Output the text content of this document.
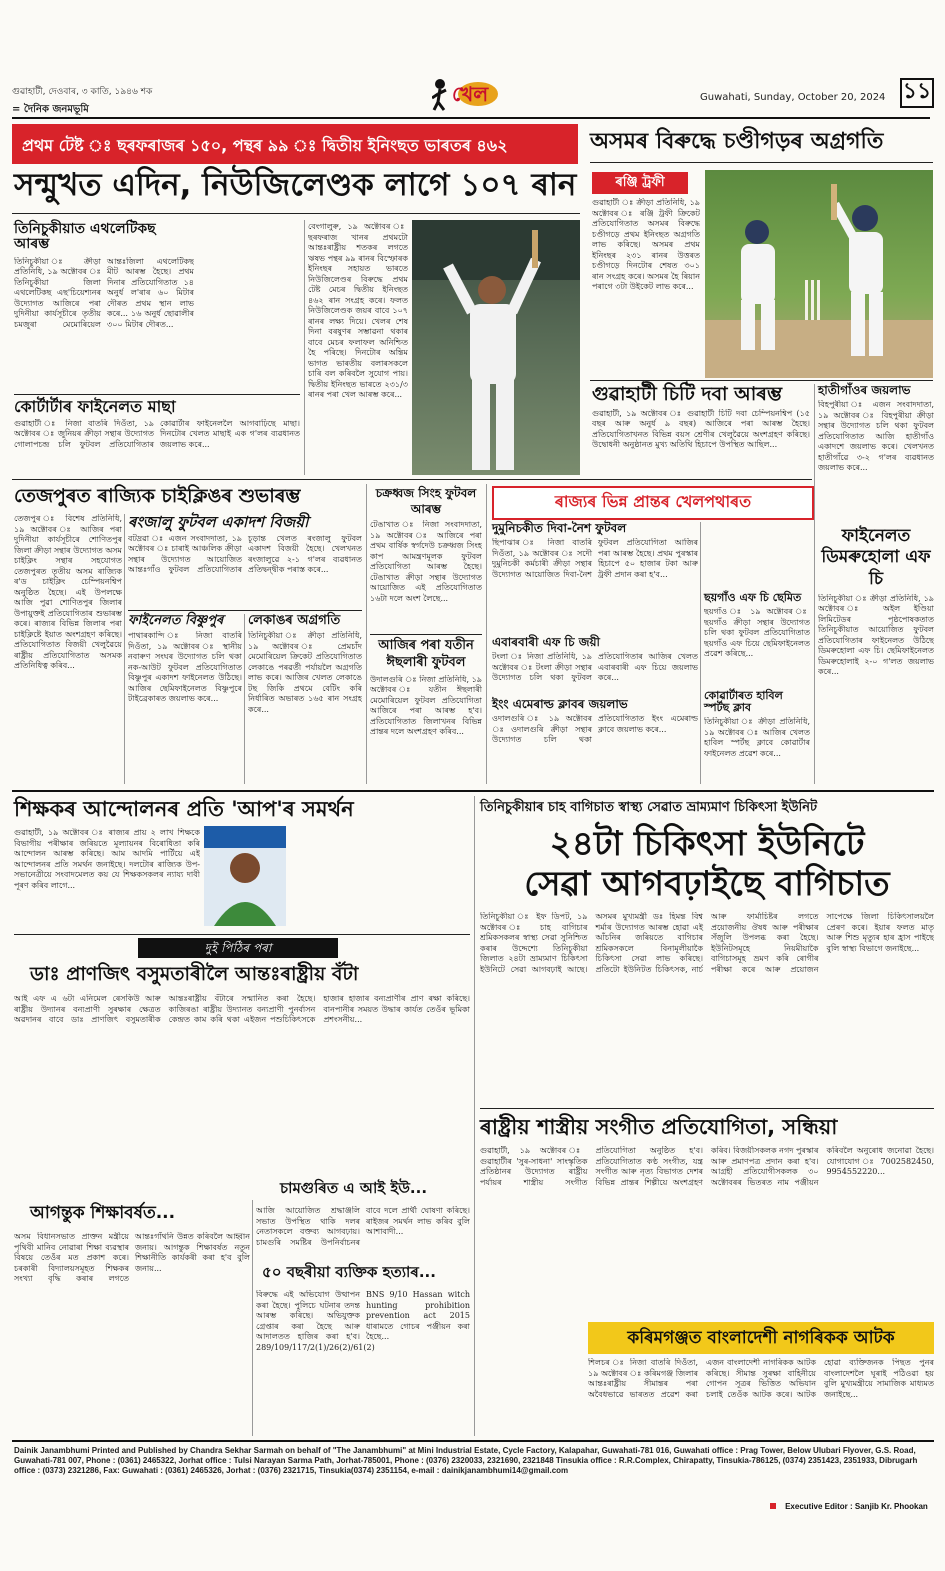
গুৱাহাটী, দেওবাৰ, ৩ কাতি, ১৯৪৬ শক
= দৈনিক জনমভূমি
খেল	Guwahati, Sunday, October 20, 2024 ১১
প্ৰথম টেষ্ট ঃ ছৰফৰাজৰ ১৫০, পন্থৰ ৯৯ ঃ দ্বিতীয় ইনিংছত ভাৰতৰ ৪৬২	অসমৰ বিৰুদ্ধে চণ্ডীগড়ৰ অগ্ৰগতি
সন্মুখত এদিন, নিউজিলেণ্ডক লাগে ১০৭ ৰান
তিনিচুকীয়াত এথলেটিকছ আৰম্ভ
তিনিচুকীয়া ঃ ক্ৰীড়া প্ৰতিনিধি, ১৯ অক্টোবৰ ঃ তিনিচুকীয়া জিলা এথলেটিকছ এছ'চিয়েশ্যনৰ উদ্যোগত আজিৰে পৰা দুদিনীয়া কাৰ্যসূচীৰে তৃতীয় চমজুৰা মেমোৰিয়েল আন্তঃজিলা এথলেটিকছ মীট আৰম্ভ হৈছে। প্ৰথম দিনাৰ প্ৰতিযোগিতাত ১৪ অনুৰ্ধ ল'ৰাৰ ৬০ মিটাৰ দৌৰত প্ৰথম স্থান লাভ কৰে... ১৬ অনুৰ্ধ ছোৱালীৰ ৩০০ মিটাৰ দৌৰত...
কোৰ্টাৰ্টাৰ ফাইনেলত মাছা
গুৱাহাটী ঃ নিজা বাতৰি দিওঁতা, ১৯ অক্টোবৰ ঃ জুনিয়ৰ ক্ৰীড়া সন্থাৰ উদ্যোগত গোলাপচন্দ্ৰ চলি ফুটবল প্ৰতিযোগিতাৰ কোৱাৰ্টাৰ ফাইনেললৈ আগবাঢ়িছে মাছা। দিনটোৰ খেলত মাছাই এক গ'লৰ ব্যৱধানত জয়লাভ কৰে...
বেংগালুৰু, ১৯ অক্টোবৰ ঃ ছৰফৰাজ খানৰ প্ৰথমটো আন্তঃৰাষ্ট্ৰীয় শতকৰ লগতে ঋষভ পন্থৰ ৯৯ ৰানৰ বিস্ফোৰক ইনিংছৰ সহায়ত ভাৰতে নিউজিলেণ্ডৰ বিৰুদ্ধে প্ৰথম টেষ্ট মেচৰ দ্বিতীয় ইনিংছত ৪৬২ ৰান সংগ্ৰহ কৰে। ফলত নিউজিলেণ্ডক জয়ৰ বাবে ১০৭ ৰানৰ লক্ষ্য দিয়ে। খেলৰ শেষ দিনা বৰষুণৰ সম্ভাৱনা থকাৰ বাবে মেচৰ ফলাফল অনিশ্চিত হৈ পৰিছে। দিনটোৰ অন্তিম ভাগত ভাৰতীয় বলাৰসকলে চাৰি বল কৰিবলৈ সুযোগ পায়। দ্বিতীয় ইনিংছত ভাৰতে ২৩১/৩ ৰানৰ পৰা খেল আৰম্ভ কৰে...
ৰঞ্জি ট্ৰফী
গুৱাহাটী ঃ ক্ৰীড়া প্ৰতিনিধি, ১৯ অক্টোবৰ ঃ ৰঞ্জি ট্ৰফী ক্ৰিকেট প্ৰতিযোগিতাত অসমৰ বিৰুদ্ধে চণ্ডীগড়ে প্ৰথম ইনিংছত অগ্ৰগতি লাভ কৰিছে। অসমৰ প্ৰথম ইনিংছৰ ২৩১ ৰানৰ উত্তৰত চণ্ডীগড়ে দিনটোৰ শেষত ৩০১ ৰান সংগ্ৰহ কৰে। অসমৰ হৈ ৰিয়ান পৰাগে ৩টা উইকেট লাভ কৰে...
গুৱাহাটী চিটি দবা আৰম্ভ
গুৱাহাটী, ১৯ অক্টোবৰ ঃ গুৱাহাটী চিটি দবা চেম্পিয়নশ্বিপ (১৫ বছৰ আৰু অনুৰ্ধ ৯ বছৰ) আজিৰে পৰা আৰম্ভ হৈছে। প্ৰতিযোগিতাখনত বিভিন্ন বয়স শ্ৰেণীৰ খেলুৱৈয়ে অংশগ্ৰহণ কৰিছে। উদ্বোধনী অনুষ্ঠানত মুখ্য অতিথি হিচাপে উপস্থিত আছিল...
হাতীগাঁওৰ জয়লাভ
বিহপুৰীয়া ঃ এজন সংবাদদাতা, ১৯ অক্টোবৰ ঃ বিহপুৰীয়া ক্ৰীড়া সন্থাৰ উদ্যোগত চলি থকা ফুটবল প্ৰতিযোগিতাত আজি হাতীগাঁও একাদশে জয়লাভ কৰে। খেলখনত হাতীগাঁৱে ৩-২ গ'লৰ ব্যৱধানত জয়লাভ কৰে...
ফাইনেলত ডিমৰুহোলা এফ চি
তিনিচুকীয়া ঃ ক্ৰীড়া প্ৰতিনিধি, ১৯ অক্টোবৰ ঃ অইল ইণ্ডিয়া লিমিটেডৰ পৃষ্ঠপোষকতাত তিনিচুকীয়াত আয়োজিত ফুটবল প্ৰতিযোগিতাৰ ফাইনেলত উঠিছে ডিমৰুহোলা এফ চি। ছেমিফাইনেলত ডিমৰুহোলাই ২-০ গ'লত জয়লাভ কৰে...
তেজপুৰত ৰাজ্যিক চাইক্লিঙৰ শুভাৰম্ভ
তেজপুৰ ঃ বিশেষ প্ৰতিনিধি, ১৯ অক্টোবৰ ঃ আজিৰ পৰা দুদিনীয়া কাৰ্যসূচীৰে শোণিতপুৰ জিলা ক্ৰীড়া সন্থাৰ উদ্যোগত অসম চাইক্লিং সন্থাৰ সহযোগত তেজপুৰত তৃতীয় অসম ৰাজ্যিক ৰ'ড চাইক্লিং চেম্পিয়নশ্বিপ অনুষ্ঠিত হৈছে। এই উপলক্ষে আজি পুৱা শোণিতপুৰ জিলাৰ উপায়ুক্তই প্ৰতিযোগিতাৰ শুভাৰম্ভ কৰে। ৰাজ্যৰ বিভিন্ন জিলাৰ পৰা চাইক্লিষ্টে ইয়াত অংশগ্ৰহণ কৰিছে। প্ৰতিযোগিতাত বিজয়ী খেলুৱৈয়ে ৰাষ্ট্ৰীয় প্ৰতিযোগিতাত অসমক প্ৰতিনিধিত্ব কৰিব...
ৰংজালু ফুটবল একাদশ বিজয়ী
বটদ্ৰৱা ঃ এজন সংবাদদাতা, ১৯ অক্টোবৰ ঃ চাৰাই আঞ্চলিক ক্ৰীড়া সন্থাৰ উদ্যোগত আয়োজিত আন্তঃগাঁও ফুটবল প্ৰতিযোগিতাৰ চূড়ান্ত খেলত ৰংজালু ফুটবল একাদশ বিজয়ী হৈছে। খেলখনত ৰংজালুৱে ২-১ গ'লৰ ব্যৱধানত প্ৰতিদ্বন্দ্বীক পৰাস্ত কৰে...
ফাইনেলত বিষ্ণুপুৰ
পাথাৰকান্দি ঃ নিজা বাতৰি দিওঁতা, ১৯ অক্টোবৰ ঃ স্থানীয় নবাৰুণ সংঘৰ উদ্যোগত চলি থকা নক-আউট ফুটবল প্ৰতিযোগিতাত বিষ্ণুপুৰ একাদশ ফাইনেলত উঠিছে। আজিৰ ছেমিফাইনেলত বিষ্ণুপুৰে টাইব্ৰেকাৰত জয়লাভ কৰে...
লেকাঙৰ অগ্ৰগতি
তিনিচুকীয়া ঃ ক্ৰীড়া প্ৰতিনিধি, ১৯ অক্টোবৰ ঃ প্ৰেমচাঁদ মেমোৰিয়েল ক্ৰিকেট প্ৰতিযোগিতাত লেকাঙে পৰৱৰ্তী পৰ্যায়লৈ অগ্ৰগতি লাভ কৰে। আজিৰ খেলত লেকাঙে টছ জিকি প্ৰথমে বেটিং কৰি নিৰ্ধাৰিত অভাৰত ১৬৫ ৰান সংগ্ৰহ কৰে...
চক্ৰধ্বজ সিংহ ফুটবল আৰম্ভ
টেঙাখাত ঃ নিজা সংবাদদাতা, ১৯ অক্টোবৰ ঃ আজিৰে পৰা প্ৰথম বাৰ্ষিক স্বৰ্গদেউ চক্ৰধ্বজ সিংহ কাপ আমন্ত্ৰণমূলক ফুটবল প্ৰতিযোগিতা আৰম্ভ হৈছে। টেঙাখাত ক্ৰীড়া সন্থাৰ উদ্যোগত আয়োজিত এই প্ৰতিযোগিতাত ১৬টা দলে অংশ লৈছে...
আজিৰ পৰা যতীন ঈছলাৰী ফুটবল
উদালগুৰি ঃ নিজা প্ৰতিনিধি, ১৯ অক্টোবৰ ঃ যতীন ঈছলাৰী মেমোৰিয়েল ফুটবল প্ৰতিযোগিতা আজিৰে পৰা আৰম্ভ হ'ব। প্ৰতিযোগিতাত জিলাখনৰ বিভিন্ন প্ৰান্তৰ দলে অংশগ্ৰহণ কৰিব...
ৰাজ্যৰ ভিন্ন প্ৰান্তৰ খেলপথাৰত
দুমুনিচকীত দিবা-নৈশ ফুটবল
ছিপাঝাৰ ঃ নিজা বাতৰি দিওঁতা, ১৯ অক্টোবৰ ঃ সদৌ দুমুনিচকী কৰ্মচাৰী ক্ৰীড়া সন্থাৰ উদ্যোগত আয়োজিত দিবা-নৈশ ফুটবল প্ৰতিযোগিতা আজিৰ পৰা আৰম্ভ হৈছে। প্ৰথম পুৰস্কাৰ হিচাপে ৫০ হাজাৰ টকা আৰু ট্ৰফী প্ৰদান কৰা হ'ব...
এবাৰবাৰী এফ চি জয়ী
টংলা ঃ নিজা প্ৰতিনিধি, ১৯ অক্টোবৰ ঃ টংলা ক্ৰীড়া সন্থাৰ উদ্যোগত চলি থকা ফুটবল প্ৰতিযোগিতাৰ আজিৰ খেলত এবাৰবাৰী এফ চিয়ে জয়লাভ কৰে...
ইংং এমেৰাল্ড ক্লাবৰ জয়লাভ
ওদালগুৰি ঃ ১৯ অক্টোবৰ ঃ ওদালগুৰি ক্ৰীড়া সন্থাৰ উদ্যোগত চলি থকা প্ৰতিযোগিতাত ইংং এমেৰাল্ড ক্লাবে জয়লাভ কৰে...
ছয়গাঁও এফ চি ছেমিত
ছয়গাঁও ঃ ১৯ অক্টোবৰ ঃ ছয়গাঁও ক্ৰীড়া সন্থাৰ উদ্যোগত চলি থকা ফুটবল প্ৰতিযোগিতাত ছয়গাঁও এফ চিয়ে ছেমিফাইনেলত প্ৰৱেশ কৰিছে...
কোৱাৰ্টাৰত হাবিল স্পৰ্টছ ক্লাব
তিনিচুকীয়া ঃ ক্ৰীড়া প্ৰতিনিধি, ১৯ অক্টোবৰ ঃ আজিৰ খেলত হাবিল স্পৰ্টছ ক্লাবে কোৱাৰ্টাৰ ফাইনেলত প্ৰৱেশ কৰে...
শিক্ষকৰ আন্দোলনৰ প্ৰতি 'আপ'ৰ সমৰ্থন
গুৱাহাটী, ১৯ অক্টোবৰ ঃ ৰাজ্যৰ প্ৰায় ২ লাখ শিক্ষকে বিভাগীয় পৰীক্ষাৰ জৰিয়তে মূল্যায়নৰ বিৰোধিতা কৰি আন্দোলন আৰম্ভ কৰিছে। আম আদমি পাৰ্টিয়ে এই আন্দোলনৰ প্ৰতি সমৰ্থন জনাইছে। দলটোৰ ৰাজ্যিক উপ-সভানেত্ৰীয়ে সংবাদমেলত কয় যে শিক্ষকসকলৰ ন্যায্য দাবী পূৰণ কৰিব লাগে...
দুই পিঠিৰ পৰা
ডাঃ প্ৰাণজিৎ বসুমতাৰীলৈ আন্তঃৰাষ্ট্ৰীয় বঁটা
আই এফ এ ৬টা এনিমেল ৰেসকিউ আৰু ৰাষ্ট্ৰীয় উদ্যানৰ বন্যপ্ৰাণী সুৰক্ষাৰ ক্ষেত্ৰত অৱদানৰ বাবে ডাঃ প্ৰাণজিৎ বসুমতাৰীক আন্তঃৰাষ্ট্ৰীয় বঁটাৰে সন্মানিত কৰা হৈছে। কাজিৰঙা ৰাষ্ট্ৰীয় উদ্যানত বন্যপ্ৰাণী পুনৰ্বাসন কেন্দ্ৰত কাম কৰি থকা এইজন পশুচিকিৎসকে হাজাৰ হাজাৰ বন্যপ্ৰাণীৰ প্ৰাণ ৰক্ষা কৰিছে। বানপানীৰ সময়ত উদ্ধাৰ কাৰ্যত তেওঁৰ ভূমিকা প্ৰশংসনীয়...
আগন্তুক শিক্ষাবৰ্ষত...
অসম বিধানসভাত প্ৰাক্তন মন্ত্ৰীয়ে পৃথিবী মানিব নোৱাৰা শিক্ষা ব্যৱস্থাৰ বিষয়ে তেওঁৰ মত প্ৰকাশ কৰে। চৰকাৰী বিদ্যালয়সমূহত শিক্ষকৰ সংখ্যা বৃদ্ধি কৰাৰ লগতে আন্তঃগাঁথনি উন্নত কৰিবলৈ আহ্বান জনায়। আগন্তুক শিক্ষাবৰ্ষত নতুন শিক্ষানীতি কাৰ্যকৰী কৰা হ'ব বুলি জনায়...
চামগুৰিত এ আই ইউ...
আজি আয়োজিত শ্ৰদ্ধাঞ্জলি সভাত উপস্থিত থাকি দলৰ নেতাসকলে বক্তব্য আগবঢ়ায়। চামগুৰি সমষ্টিৰ উপনিৰ্বাচনৰ বাবে দলে প্ৰাৰ্থী ঘোষণা কৰিছে। ৰাইজৰ সমৰ্থন লাভ কৰিব বুলি আশাবাদী...
৫০ বছৰীয়া ব্যক্তিক হত্যাৰ...
বিৰুদ্ধে এই অভিযোগ উত্থাপন কৰা হৈছে। পুলিচে ঘটনাৰ তদন্ত আৰম্ভ কৰিছে। অভিযুক্তক গ্ৰেপ্তাৰ কৰা হৈছে আৰু আদালতত হাজিৰ কৰা হ'ব। 289/109/117/2(1)/26(2)/61(2) BNS 9/10 Hassan witch hunting prohibition prevention act 2015 ধাৰামতে গোচৰ পঞ্জীয়ন কৰা হৈছে...
তিনিচুকীয়াৰ চাহ বাগিচাত স্বাস্থ্য সেৱাত ভ্ৰাম্যমাণ চিকিৎসা ইউনিট
২৪টা চিকিৎসা ইউনিটে
সেৱা আগবঢ়াইছে বাগিচাত
তিনিচুকীয়া ঃ ইফ ডিপট, ১৯ অক্টোবৰ ঃ চাহ বাগিচাৰ শ্ৰমিকসকলৰ স্বাস্থ্য সেৱা সুনিশ্চিত কৰাৰ উদ্দেশ্যে তিনিচুকীয়া জিলাত ২৪টা ভ্ৰাম্যমাণ চিকিৎসা ইউনিটে সেৱা আগবঢ়াই আছে। অসমৰ মুখ্যমন্ত্ৰী ডঃ হিমন্ত বিশ্ব শৰ্মাৰ উদ্যোগত আৰম্ভ হোৱা এই আঁচনিৰ জৰিয়তে বাগিচাৰ শ্ৰমিকসকলে বিনামূলীয়াকৈ চিকিৎসা সেৱা লাভ কৰিছে। প্ৰতিটো ইউনিটত চিকিৎসক, নাৰ্চ আৰু ফাৰ্মাচিষ্টৰ লগতে প্ৰয়োজনীয় ঔষধ আৰু পৰীক্ষাৰ সঁজুলি উপলব্ধ কৰা হৈছে। ইউনিটসমূহে নিয়মীয়াকৈ বাগিচাসমূহ ভ্ৰমণ কৰি ৰোগীৰ পৰীক্ষা কৰে আৰু প্ৰয়োজন সাপেক্ষে জিলা চিকিৎসালয়লৈ প্ৰেৰণ কৰে। ইয়াৰ ফলত মাতৃ আৰু শিশু মৃত্যুৰ হাৰ হ্ৰাস পাইছে বুলি স্বাস্থ্য বিভাগে জনাইছে...
ৰাষ্ট্ৰীয় শাস্ত্ৰীয় সংগীত প্ৰতিযোগিতা, সন্ধিয়া
গুৱাহাটী, ১৯ অক্টোবৰ ঃ গুৱাহাটীৰ 'সুৰ-সাধনা' সাংস্কৃতিক প্ৰতিষ্ঠানৰ উদ্যোগত ৰাষ্ট্ৰীয় পৰ্যায়ৰ শাস্ত্ৰীয় সংগীত প্ৰতিযোগিতা অনুষ্ঠিত হ'ব। প্ৰতিযোগিতাত কণ্ঠ সংগীত, যন্ত্ৰ সংগীত আৰু নৃত্য বিভাগত দেশৰ বিভিন্ন প্ৰান্তৰ শিল্পীয়ে অংশগ্ৰহণ কৰিব। বিজয়ীসকলক নগদ পুৰস্কাৰ আৰু প্ৰমাণপত্ৰ প্ৰদান কৰা হ'ব। আগ্ৰহী প্ৰতিযোগীসকলক ৩০ অক্টোবৰৰ ভিতৰত নাম পঞ্জীয়ন কৰিবলৈ অনুৰোধ জনোৱা হৈছে। যোগাযোগ ঃ 7002582450, 9954552220...
কৰিমগঞ্জত বাংলাদেশী নাগৰিকক আটক
শিলচৰ ঃ নিজা বাতৰি দিওঁতা, ১৯ অক্টোবৰ ঃ কৰিমগঞ্জ জিলাৰ আন্তঃৰাষ্ট্ৰীয় সীমান্তৰ পৰা অবৈধভাৱে ভাৰতত প্ৰৱেশ কৰা এজন বাংলাদেশী নাগৰিকক আটক কৰিছে। সীমান্ত সুৰক্ষা বাহিনীয়ে গোপন সূত্ৰৰ ভিত্তিত অভিযান চলাই তেওঁক আটক কৰে। আটক হোৱা ব্যক্তিজনক পিছত পুনৰ বাংলাদেশলৈ ঘূৰাই পঠিওৱা হয় বুলি মুখ্যমন্ত্ৰীয়ে সামাজিক মাধ্যমত জনাইছে...
Dainik Janambhumi Printed and Published by Chandra Sekhar Sarmah on behalf of "The Janambhumi" at Mini Industrial Estate, Cycle Factory, Kalapahar, Guwahati-781 016, Guwahati office : Prag Tower, Below Ulubari Flyover, G.S. Road, Guwahati-781 007, Phone : (0361) 2465322, Jorhat office : Tulsi Narayan Sarma Path, Jorhat-785001, Phone : (0376) 2320033, 2321690, 2321848 Tinsukia office : R.R.Complex, Chirapatty, Tinsukia-786125, (0374) 2351423, 2351933, Dibrugarh office : (0373) 2321286, Fax: Guwahati : (0361) 2465326, Jorhat : (0376) 2321715, Tinsukia(0374) 2351154, e-mail : dainikjanambhumi14@gmail.com
Executive Editor : Sanjib Kr. Phookan
